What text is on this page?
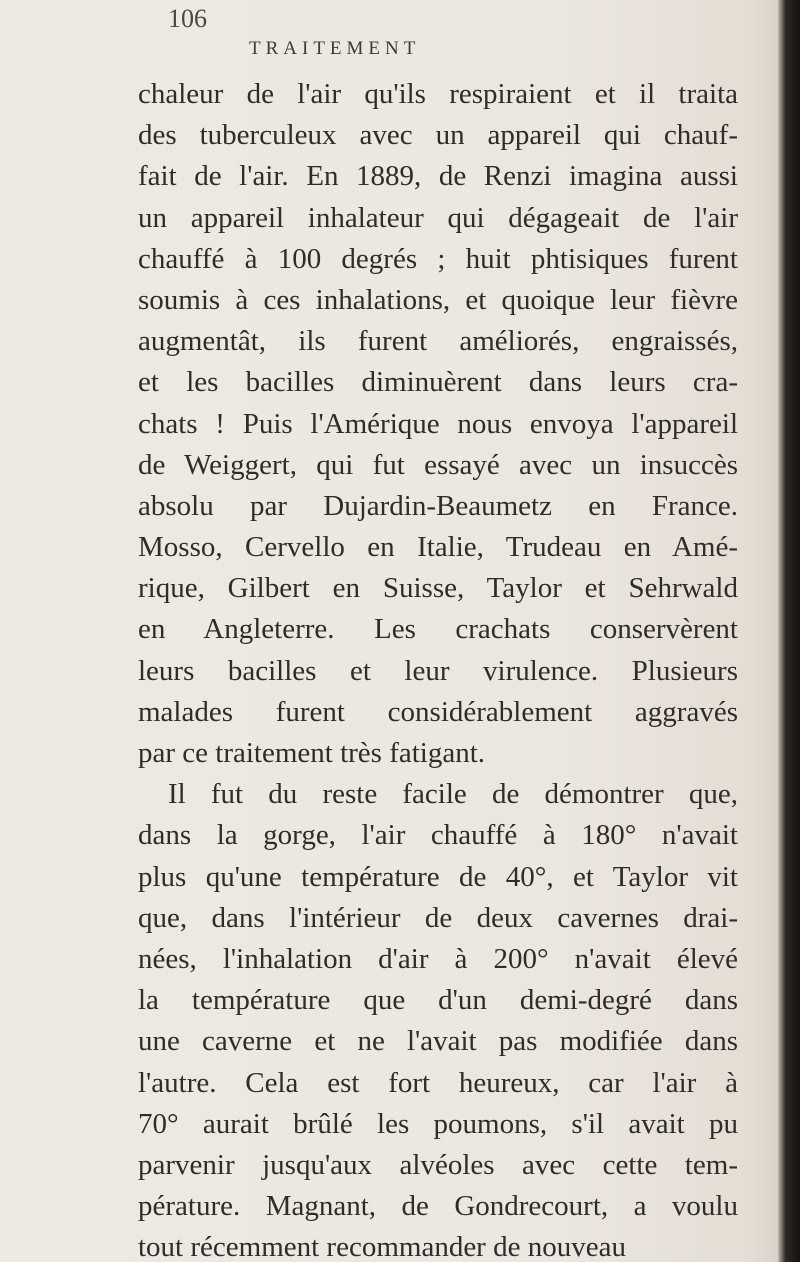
106
TRAITEMENT
chaleur de l'air qu'ils respiraient et il traita
des tuberculeux avec un appareil qui chauf-
fait de l'air. En 1889, de Renzi imagina aussi
un appareil inhalateur qui dégageait de l'air
chauffé à 100 degrés ; huit phtisiques furent
soumis à ces inhalations, et quoique leur fièvre
augmentât, ils furent améliorés, engraissés,
et les bacilles diminuèrent dans leurs cra-
chats ! Puis l'Amérique nous envoya l'appareil
de Weiggert, qui fut essayé avec un insuccès
absolu par Dujardin-Beaumetz en France.
Mosso, Cervello en Italie, Trudeau en Amé-
rique, Gilbert en Suisse, Taylor et Sehrwald
en Angleterre. Les crachats conservèrent
leurs bacilles et leur virulence. Plusieurs
malades furent considérablement aggravés
par ce traitement très fatigant.
Il fut du reste facile de démontrer que,
dans la gorge, l'air chauffé à 180° n'avait
plus qu'une température de 40°, et Taylor vit
que, dans l'intérieur de deux cavernes drai-
nées, l'inhalation d'air à 200° n'avait élevé
la température que d'un demi-degré dans
une caverne et ne l'avait pas modifiée dans
l'autre. Cela est fort heureux, car l'air à
70° aurait brûlé les poumons, s'il avait pu
parvenir jusqu'aux alvéoles avec cette tem-
pérature. Magnant, de Gondrecourt, a voulu
tout récemment recommander de nouveau
